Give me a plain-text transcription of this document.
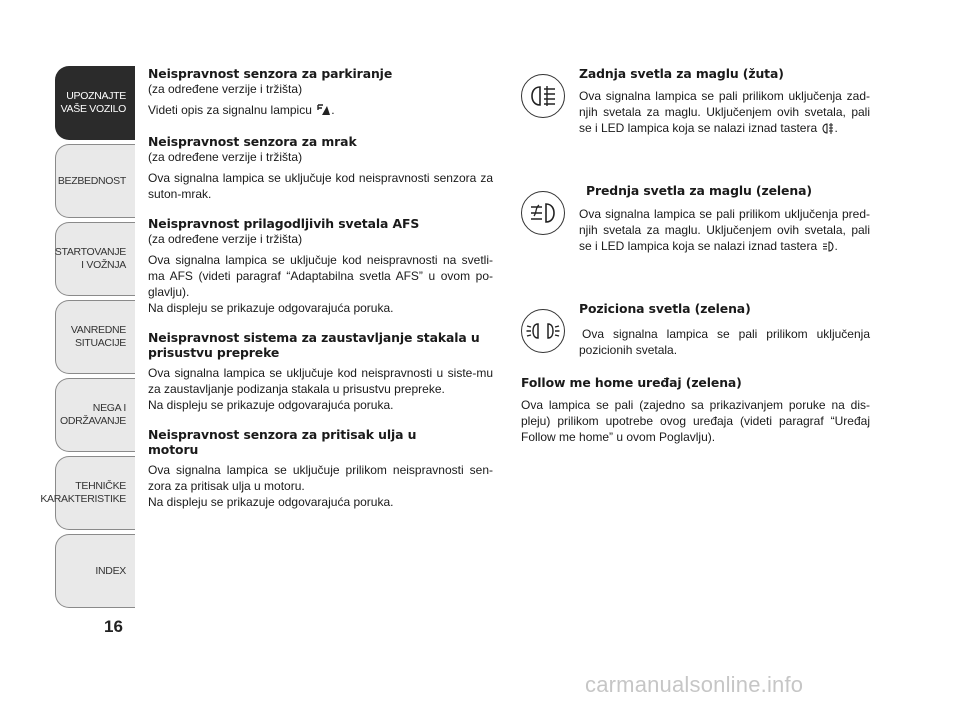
UPOZNAJTE
VAŠE VOZILO
BEZBEDNOST
STARTOVANJE
I VOŽNJA
VANREDNE
SITUACIJE
NEGA I
ODRŽAVANJE
TEHNIČKE
KARAKTERISTIKE
INDEX
16
Neispravnost senzora za parkiranje

(za određene verzije i tržišta)

Videti opis za signalnu lampicu .

Neispravnost senzora za mrak

(za određene verzije i tržišta)

Ova signalna lampica se uključuje kod neispravnosti senzora za suton-mrak.

Neispravnost prilagodljivih svetala AFS

(za određene verzije i tržišta)

Ova signalna lampica se uključuje kod neispravnosti na svetli-ma AFS (videti paragraf “Adaptabilna svetla AFS” u ovom po-glavlju).

Na displeju se prikazuje odgovarajuća poruka.

Neispravnost sistema za zaustavljanje stakala u prisustvu prepreke

Ova signalna lampica se uključuje kod neispravnosti u siste-mu za zaustavljanje podizanja stakala u prisustvu prepreke.

Na displeju se prikazuje odgovarajuća poruka.

Neispravnost senzora za pritisak ulja u motoru

Ova signalna lampica se uključuje prilikom neispravnosti sen-zora za pritisak ulja u motoru.

Na displeju se prikazuje odgovarajuća poruka.

Zadnja svetla za maglu (žuta)

Ova signalna lampica se pali prilikom uključenja zad-njih svetala za maglu. Uključenjem ovih svetala, pali se i LED lampica koja se nalazi iznad tastera .

Prednja svetla za maglu (zelena)

Ova signalna lampica se pali prilikom uključenja pred-njih svetala za maglu. Uključenjem ovih svetala, pali se i LED lampica koja se nalazi iznad tastera .

Poziciona svetla (zelena)

Ova signalna lampica se pali prilikom uključenja pozicionih svetala.

Follow me home uređaj (zelena)

Ova lampica se pali (zajedno sa prikazivanjem poruke na dis-pleju) prilikom upotrebe ovog uređaja (videti paragraf “Uređaj Follow me home” u ovom Poglavlju).

carmanualsonline.info
